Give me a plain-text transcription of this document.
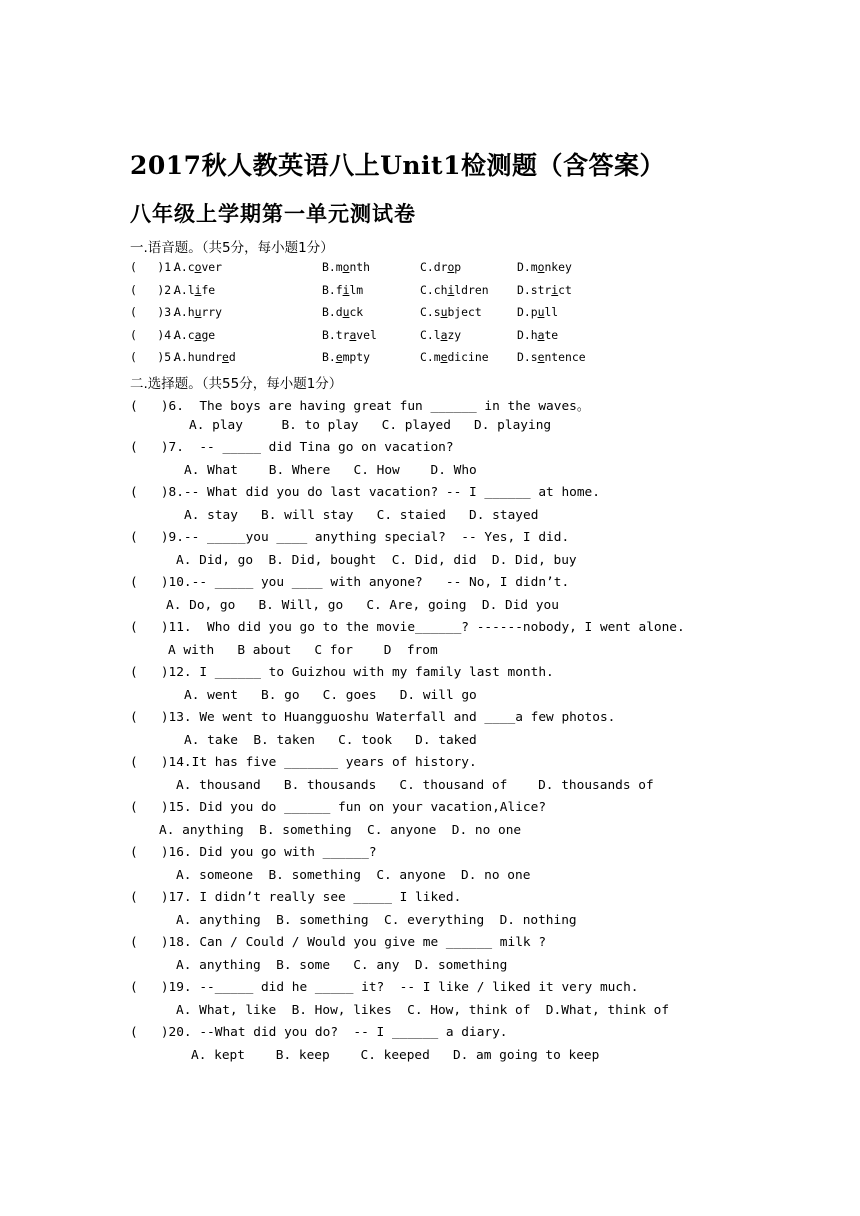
2017秋人教英语八上Unit1检测题（含答案）
八年级上学期第一单元测试卷
一.语音题。（共5分，每小题1分）
(   )1.
A.cover	B.month	C.drop	D.monkey
(   )2.
A.life	B.film	C.children D.strict
(   )3.
A.hurry	B.duck	C.subject	D.pull
(   )4.
A.cage	B.travel	C.lazy	D.hate
(   )5.
A.hundred	B.empty	C.medicine D.sentence
二.选择题。（共55分，每小题1分）
(   )6.  The boys are having great fun ______ in the waves。
A. play     B. to play   C. played   D. playing
(   )7.  -- _____ did Tina go on vacation?
A. What    B. Where   C. How    D. Who
(   )8.-- What did you do last vacation? -- I ______ at home.
A. stay   B. will stay   C. staied   D. stayed
(   )9.-- _____you ____ anything special?  -- Yes, I did.
A. Did, go  B. Did, bought  C. Did, did  D. Did, buy
(   )10.-- _____ you ____ with anyone?   -- No, I didn’t.
A. Do, go   B. Will, go   C. Are, going  D. Did you
(   )11.  Who did you go to the movie______? ------nobody, I went alone.
A with   B about   C for    D  from
(   )12. I ______ to Guizhou with my family last month.
A. went   B. go   C. goes   D. will go
(   )13. We went to Huangguoshu Waterfall and ____a few photos.
A. take  B. taken   C. took   D. taked
(   )14.It has five _______ years of history.
A. thousand   B. thousands   C. thousand of    D. thousands of
(   )15. Did you do ______ fun on your vacation,Alice?
A. anything  B. something  C. anyone  D. no one
(   )16. Did you go with ______?
A. someone  B. something  C. anyone  D. no one
(   )17. I didn’t really see _____ I liked.
A. anything  B. something  C. everything  D. nothing
(   )18. Can / Could / Would you give me ______ milk ?
A. anything  B. some   C. any  D. something
(   )19. --_____ did he _____ it?  -- I like / liked it very much.
A. What, like  B. How, likes  C. How, think of  D.What, think of
(   )20. --What did you do?  -- I ______ a diary.
A. kept    B. keep    C. keeped   D. am going to keep
